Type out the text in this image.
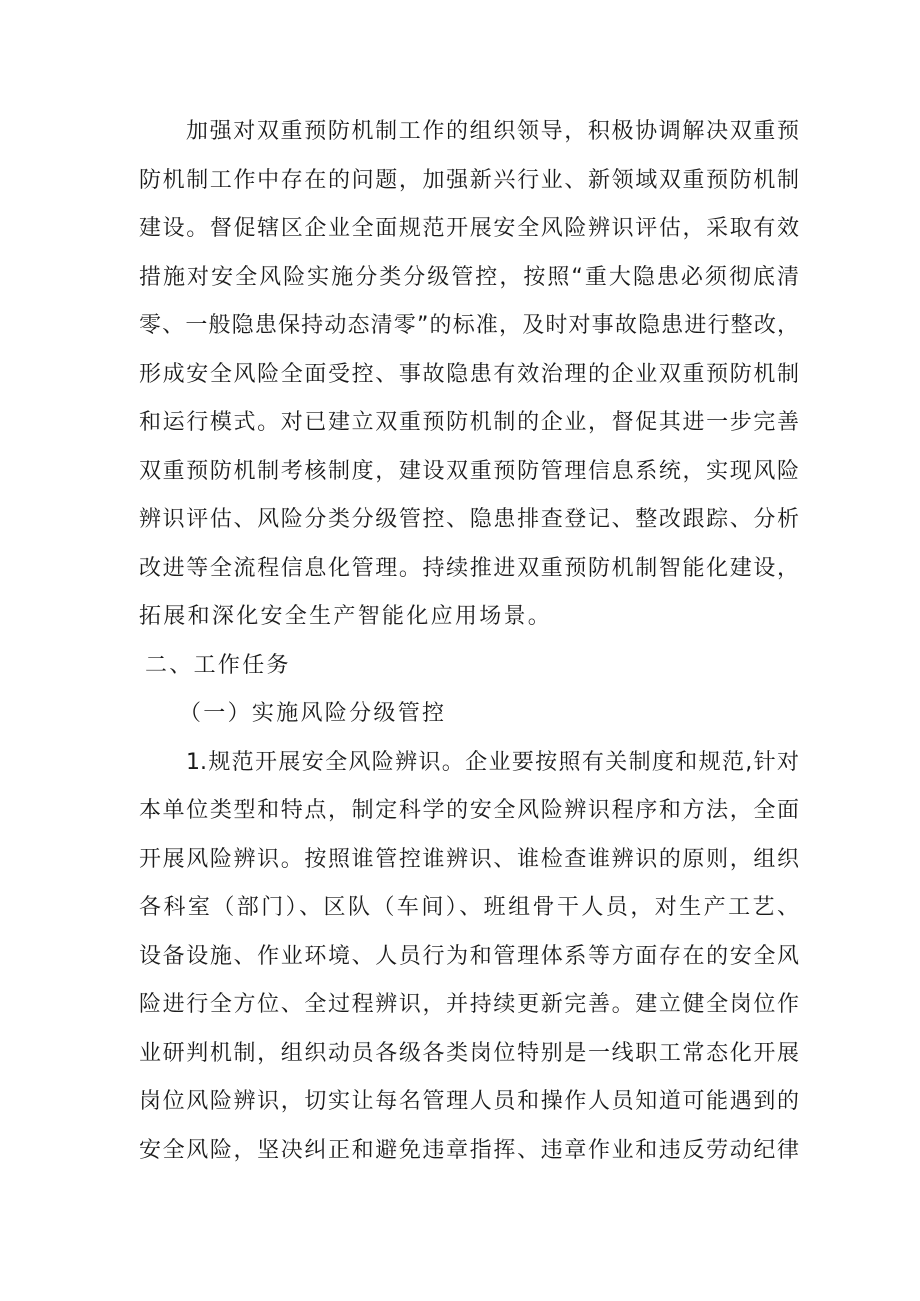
加强对双重预防机制工作的组织领导，积极协调解决双重预
防机制工作中存在的问题，加强新兴行业、新领域双重预防机制
建设。督促辖区企业全面规范开展安全风险辨识评估，采取有效
措施对安全风险实施分类分级管控，按照“重大隐患必须彻底清
零、一般隐患保持动态清零”的标准，及时对事故隐患进行整改，
形成安全风险全面受控、事故隐患有效治理的企业双重预防机制
和运行模式。对已建立双重预防机制的企业，督促其进一步完善
双重预防机制考核制度，建设双重预防管理信息系统，实现风险
辨识评估、风险分类分级管控、隐患排查登记、整改跟踪、分析
改进等全流程信息化管理。持续推进双重预防机制智能化建设，
拓展和深化安全生产智能化应用场景。
二、工作任务
（一）实施风险分级管控
1.规范开展安全风险辨识。企业要按照有关制度和规范,针对
本单位类型和特点，制定科学的安全风险辨识程序和方法，全面
开展风险辨识。按照谁管控谁辨识、谁检查谁辨识的原则，组织
各科室（部门）、区队（车间）、班组骨干人员，对生产工艺、
设备设施、作业环境、人员行为和管理体系等方面存在的安全风
险进行全方位、全过程辨识，并持续更新完善。建立健全岗位作
业研判机制，组织动员各级各类岗位特别是一线职工常态化开展
岗位风险辨识，切实让每名管理人员和操作人员知道可能遇到的
安全风险，坚决纠正和避免违章指挥、违章作业和违反劳动纪律
